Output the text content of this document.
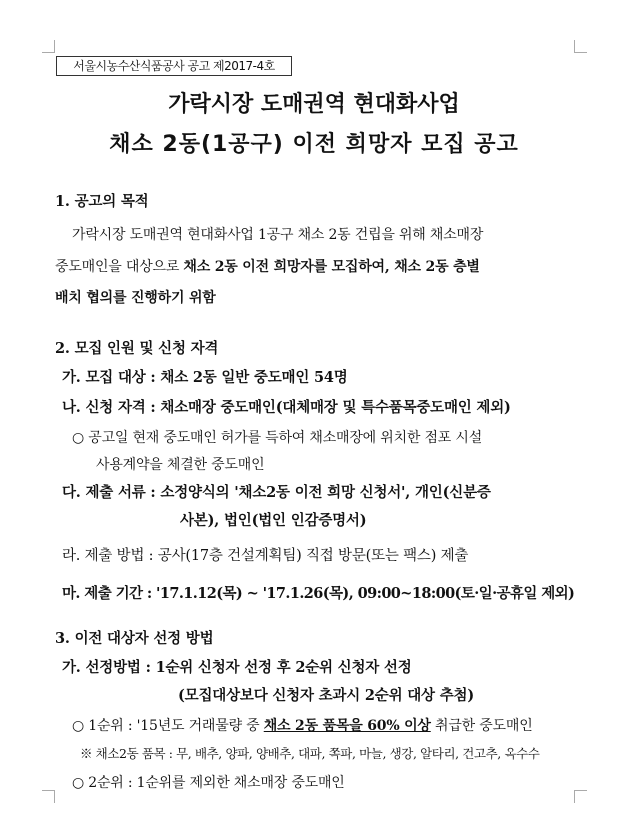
서울시농수산식품공사 공고 제2017-4호
가락시장 도매권역 현대화사업
채소 2동(1공구) 이전 희망자 모집 공고
1. 공고의 목적
가락시장 도매권역 현대화사업 1공구 채소 2동 건립을 위해 채소매장
중도매인을 대상으로 채소 2동 이전 희망자를 모집하여, 채소 2동 층별
배치 협의를 진행하기 위함
2. 모집 인원 및 신청 자격
가. 모집 대상 : 채소 2동 일반 중도매인 54명
나. 신청 자격 : 채소매장 중도매인(대체매장 및 특수품목중도매인 제외)
○ 공고일 현재 중도매인 허가를 득하여 채소매장에 위치한 점포 시설
사용계약을 체결한 중도매인
다. 제출 서류 : 소정양식의 '채소2동 이전 희망 신청서', 개인(신분증
사본), 법인(법인 인감증명서)
라. 제출 방법 : 공사(17층 건설계획팀) 직접 방문(또는 팩스) 제출
마. 제출 기간 : '17.1.12(목) ~ '17.1.26(목), 09:00~18:00(토·일·공휴일 제외)
3. 이전 대상자 선정 방법
가. 선정방법 : 1순위 신청자 선정 후 2순위 신청자 선정
(모집대상보다 신청자 초과시 2순위 대상 추첨)
○ 1순위 : '15년도 거래물량 중 채소 2동 품목을 60% 이상 취급한 중도매인
※ 채소2동 품목 : 무, 배추, 양파, 양배추, 대파, 쪽파, 마늘, 생강, 알타리, 건고추, 옥수수
○ 2순위 : 1순위를 제외한 채소매장 중도매인
